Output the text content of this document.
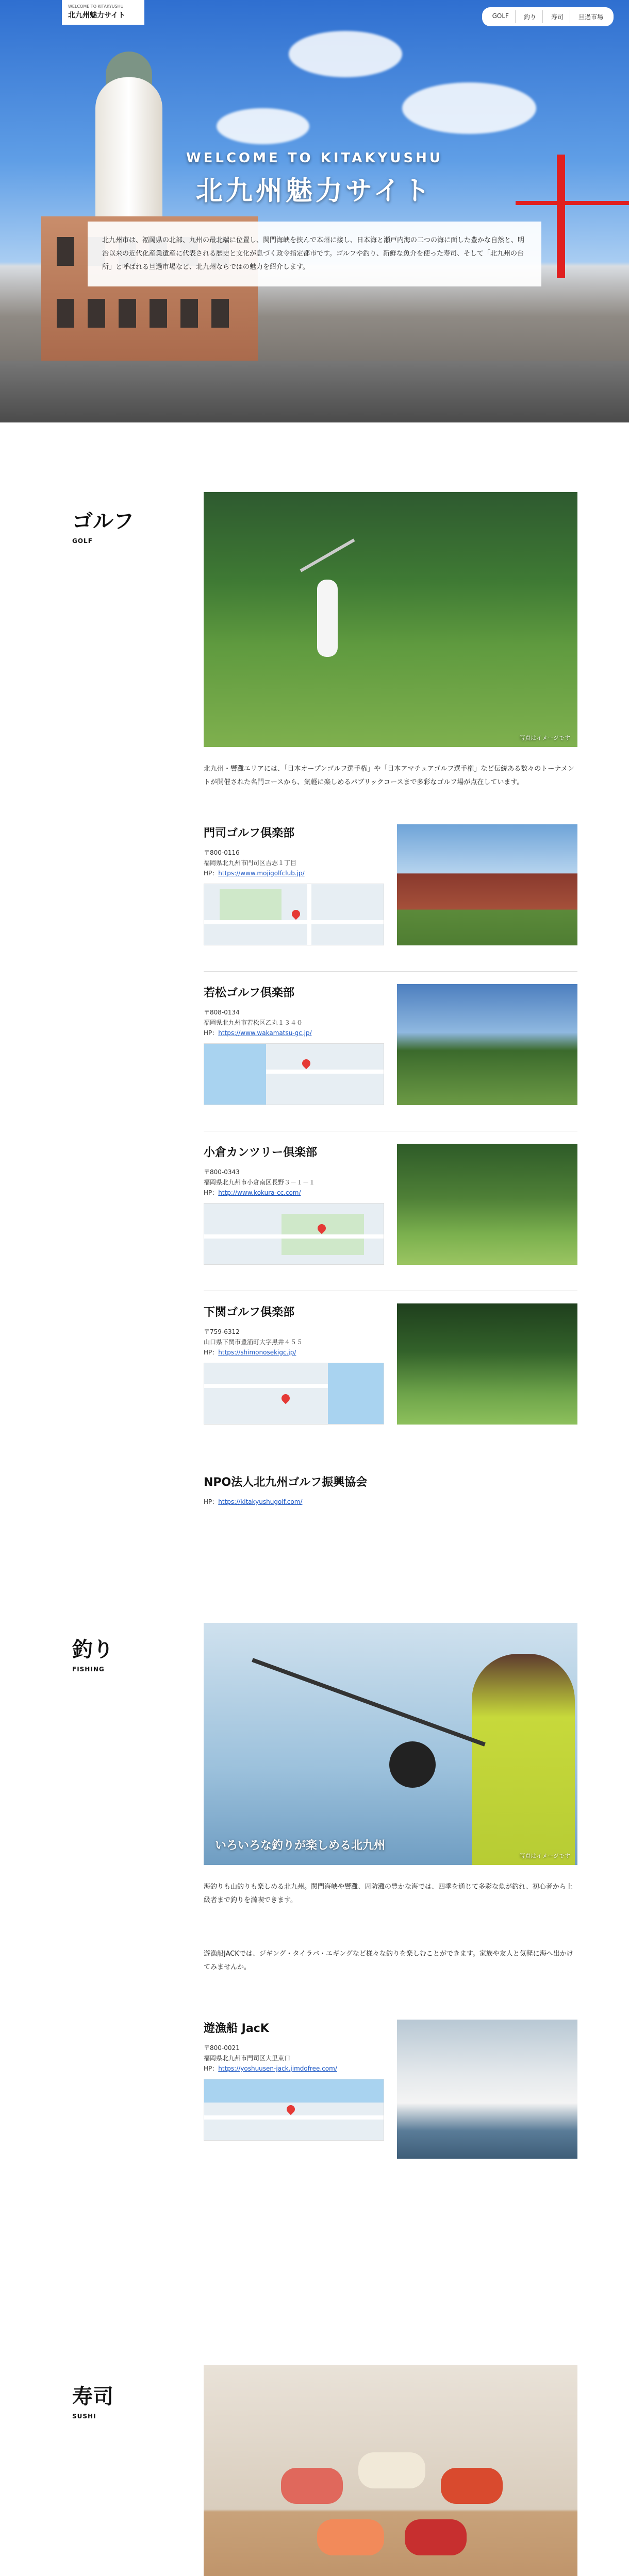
WELCOME TO KITAKYUSHU
北九州魅力サイト	GOLF	釣り	寿司	旦過市場
WELCOME TO KITAKYUSHU
北九州魅力サイト
北九州市は、福岡県の北部、九州の最北端に位置し、関門海峡を挟んで本州に接し、日本海と瀬戸内海の二つの海に面した豊かな自然と、明治以来の近代化産業遺産に代表される歴史と文化が息づく政令指定都市です。ゴルフや釣り、新鮮な魚介を使った寿司、そして「北九州の台所」と呼ばれる旦過市場など、北九州ならではの魅力を紹介します。
ゴルフ
GOLF
写真はイメージです
北九州・響灘エリアには、「日本オープンゴルフ選手権」や「日本アマチュアゴルフ選手権」など伝統ある数々のトーナメントが開催された名門コースから、気軽に楽しめるパブリックコースまで多彩なゴルフ場が点在しています。
門司ゴルフ倶楽部
〒800-0116
福岡県北九州市門司区吉志１丁目
HP：https://www.mojigolfclub.jp/
若松ゴルフ倶楽部
〒808-0134
福岡県北九州市若松区乙丸１３４０
HP：https://www.wakamatsu-gc.jp/
小倉カンツリー倶楽部
〒800-0343
福岡県北九州市小倉南区長野３－１－１
HP：http://www.kokura-cc.com/
下関ゴルフ倶楽部
〒759-6312
山口県下関市豊浦町大字黒井４５５
HP：https://shimonosekigc.jp/
NPO法人北九州ゴルフ振興協会
HP：https://kitakyushugolf.com/
釣り
FISHING
いろいろな釣りが楽しめる北九州
写真はイメージです
海釣りも山釣りも楽しめる北九州。関門海峡や響灘、周防灘の豊かな海では、四季を通じて多彩な魚が釣れ、初心者から上級者まで釣りを満喫できます。
遊漁船JACKでは、ジギング・タイラバ・エギングなど様々な釣りを楽しむことができます。家族や友人と気軽に海へ出かけてみませんか。
遊漁船 JacK
〒800-0021
福岡県北九州市門司区大里東口
HP：https://yoshuusen-jack.jimdofree.com/
寿司
SUSHI
